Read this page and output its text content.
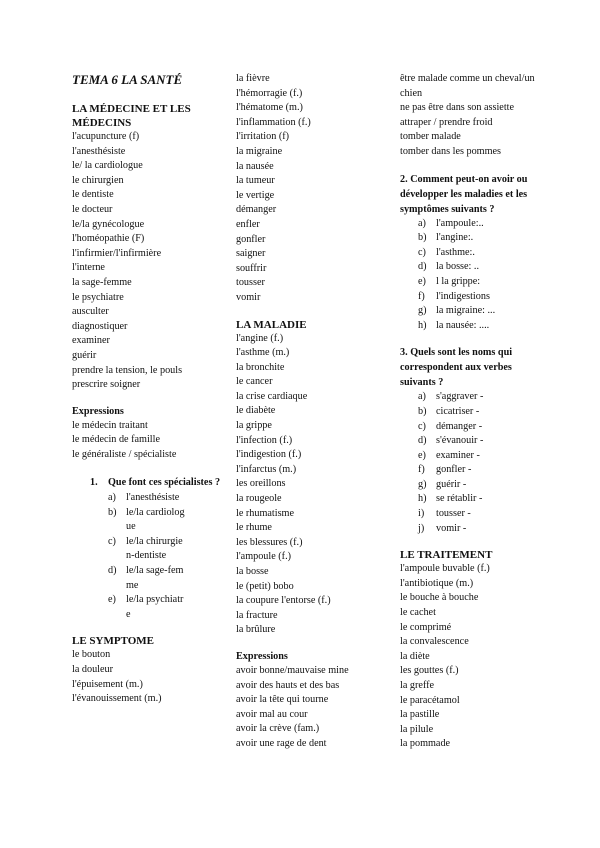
TEMA 6 LA SANTÉ
LA MÉDECINE ET LES MÉDECINS
l'acupuncture (f)
l'anesthésiste
le/ la cardiologue
le chirurgien
le dentiste
le docteur
le/la gynécologue
l'homéopathie (F)
l'infirmier/l'infirmière
l'interne
la sage-femme
le psychiatre
ausculter
diagnostiquer
examiner
guérir
prendre la tension, le pouls
prescrire soigner
Expressions
le médecin traitant
le médecin de famille
le généraliste / spécialiste
1. Que font ces spécialistes ?
a) l'anesthésiste
b) le/la cardiologue
c) le/la chirurgien-dentiste
d) le/la sage-femme
e) le/la psychiatre
LE SYMPTOME
le bouton
la douleur
l'épuisement (m.)
l'évanouissement (m.)
la fièvre
l'hémorragie (f.)
l'hématome (m.)
l'inflammation (f.)
l'irritation (f)
la migraine
la nausée
la tumeur
le vertige
démanger
enfler
gonfler
saigner
souffrir
tousser
vomir
LA MALADIE
l'angine (f.)
l'asthme (m.)
la bronchite
le cancer
la crise cardiaque
le diabète
la grippe
l'infection (f.)
l'indigestion (f.)
l'infarctus (m.)
les oreillons
la rougeole
le rhumatisme
le rhume
les blessures (f.)
l'ampoule (f.)
la bosse
le (petit) bobo
la coupure l'entorse (f.)
la fracture
la brûlure
Expressions
avoir bonne/mauvaise mine
avoir des hauts et des bas
avoir la tête qui tourne
avoir mal au cour
avoir la crève (fam.)
avoir une rage de dent
être malade comme un cheval/un chien
ne pas être dans son assiette
attraper / prendre froid
tomber malade
tomber dans les pommes
2. Comment peut-on avoir ou développer les maladies et les symptômes suivants ?
a) l'ampoule:..
b) l'angine:.
c) l'asthme:.
d) la bosse: ..
e) l la grippe:
f) l'indigestions
g) la migraine: ...
h) la nausée: ....
3. Quels sont les noms qui correspondent aux verbes suivants ?
a) s'aggraver -
b) cicatriser -
c) démanger -
d) s'évanouir -
e) examiner -
f) gonfler -
g) guérir -
h) se rétablir -
i) tousser -
j) vomir -
LE TRAITEMENT
l'ampoule buvable (f.)
l'antibiotique (m.)
le bouche à bouche
le cachet
le comprimé
la convalescence
la diète
les gouttes (f.)
la greffe
le paracétamol
la pastille
la pilule
la pommade
